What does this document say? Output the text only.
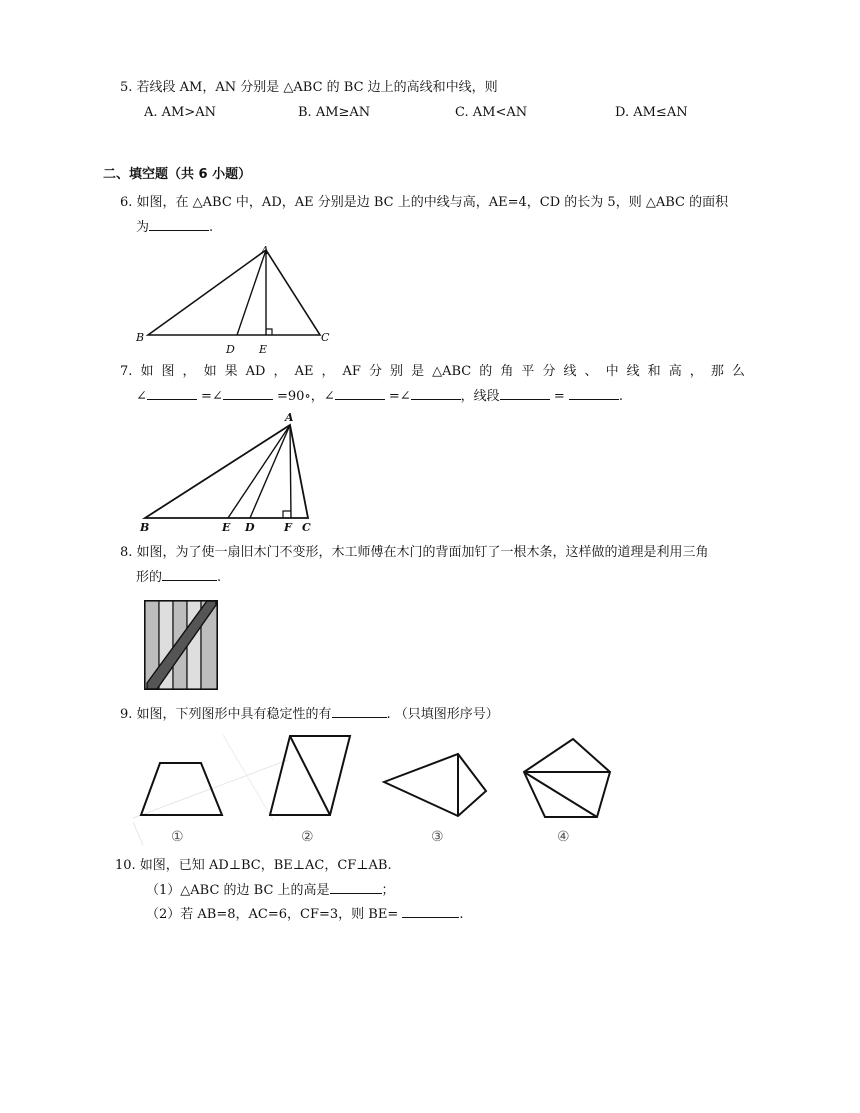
5. 若线段 AM，AN 分别是 △ABC 的 BC 边上的高线和中线，则
A. AM>AN	B. AM≥AN	C. AM<AN	D. AM≤AN
二、填空题（共 6 小题）
6. 如图，在 △ABC 中，AD，AE 分别是边 BC 上的中线与高，AE=4，CD 的长为 5，则 △ABC 的面积
为	.
A
B	C
D E
7. 如 图 ， 如 果 AD ， AE ， AF 分 别 是 △ABC 的 角 平 分 线 、 中 线 和 高 ， 那 么
∠	=∠	=90∘，∠	=∠	，线段	=	.
A
B	E D	F C
8. 如图，为了使一扇旧木门不变形，木工师傅在木门的背面加钉了一根木条，这样做的道理是利用三角
形的	.
9. 如图，下列图形中具有稳定性的有	. （只填图形序号）
①	②	③	④
10. 如图，已知 AD⊥BC，BE⊥AC，CF⊥AB.
（1）△ABC 的边 BC 上的高是	；
（2）若 AB=8，AC=6，CF=3，则 BE=	.
